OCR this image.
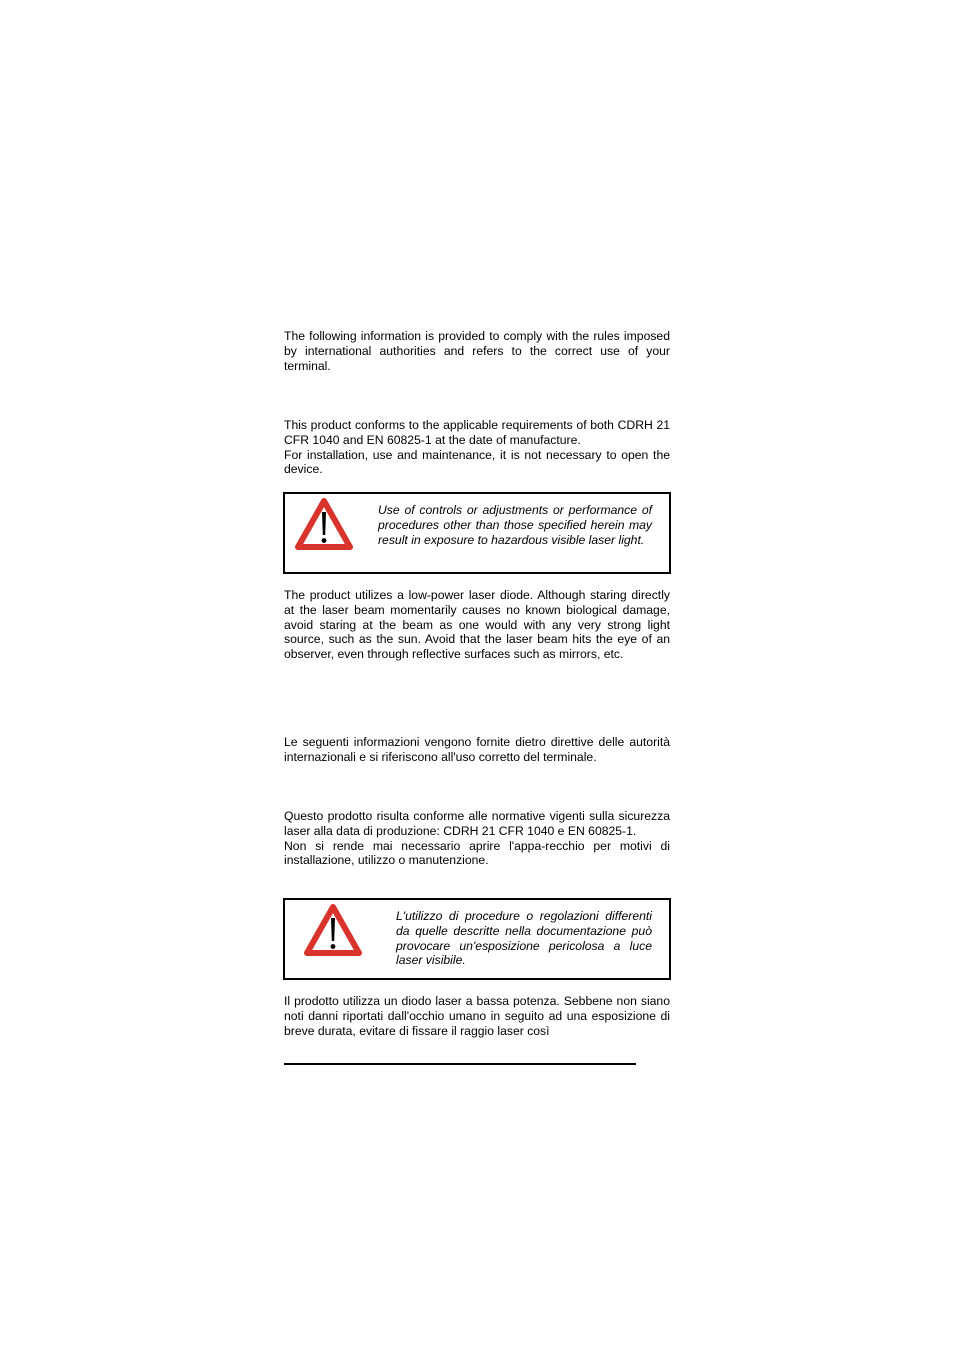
The following information is provided to comply with the rules imposed by international authorities and refers to the correct use of your terminal.

This product conforms to the applicable requirements of both CDRH 21 CFR 1040 and EN 60825-1 at the date of manufacture.
For installation, use and maintenance, it is not necessary to open the device.

Use of controls or adjustments or performance of procedures other than those specified herein may result in exposure to hazardous visible laser light.

The product utilizes a low-power laser diode. Although staring directly at the laser beam momentarily causes no known biological damage, avoid staring at the beam as one would with any very strong light source, such as the sun. Avoid that the laser beam hits the eye of an observer, even through reflective surfaces such as mirrors, etc.

Le seguenti informazioni vengono fornite dietro direttive delle autorità internazionali e si riferiscono all'uso corretto del terminale.

Questo prodotto risulta conforme alle normative vigenti sulla sicurezza laser alla data di produzione: CDRH 21 CFR 1040 e EN 60825-1.
Non si rende mai necessario aprire l'appa-recchio per motivi di installazione, utilizzo o manutenzione.

L'utilizzo di procedure o regolazioni differenti da quelle descritte nella documentazione può provocare un'esposizione pericolosa a luce laser visibile.

Il prodotto utilizza un diodo laser a bassa potenza. Sebbene non siano noti danni riportati dall'occhio umano in seguito ad una esposizione di breve durata, evitare di fissare il raggio laser così
